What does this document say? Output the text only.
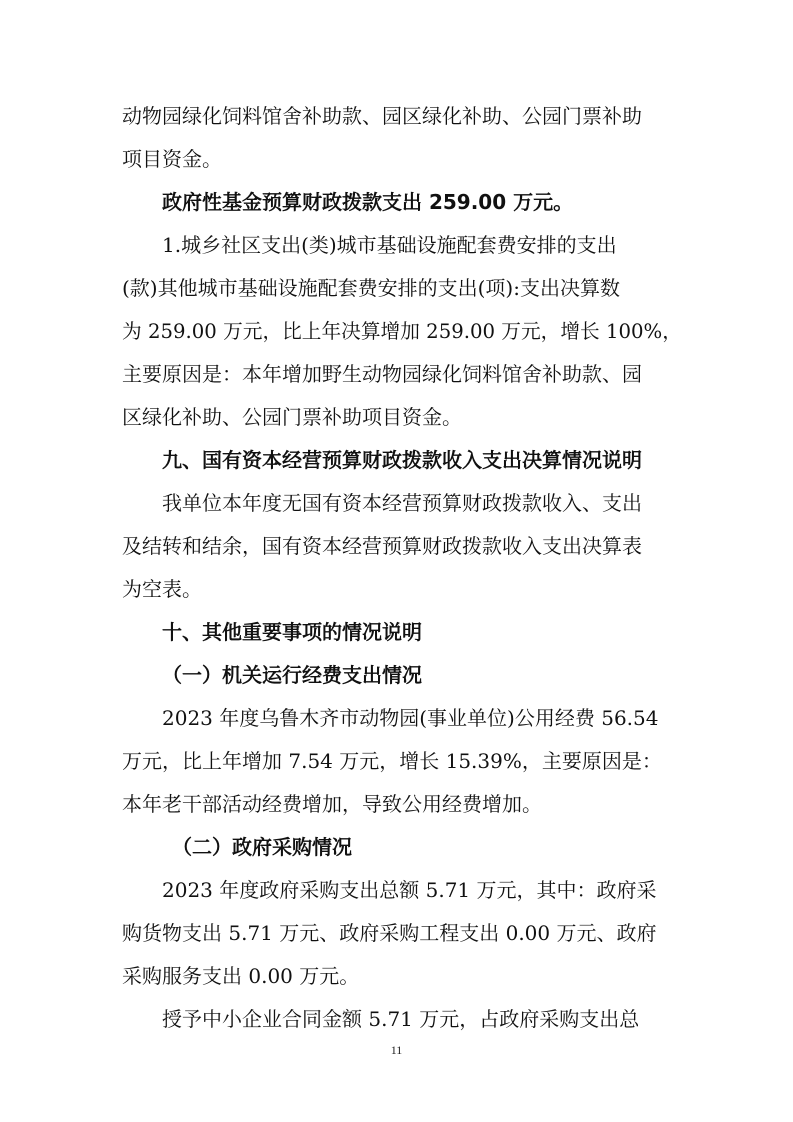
动物园绿化饲料馆舍补助款、园区绿化补助、公园门票补助
项目资金。
政府性基金预算财政拨款支出 259.00 万元。
1.城乡社区支出(类)城市基础设施配套费安排的支出
(款)其他城市基础设施配套费安排的支出(项):支出决算数
为 259.00 万元，比上年决算增加 259.00 万元，增长 100%，
主要原因是：本年增加野生动物园绿化饲料馆舍补助款、园
区绿化补助、公园门票补助项目资金。
九、国有资本经营预算财政拨款收入支出决算情况说明
我单位本年度无国有资本经营预算财政拨款收入、支出
及结转和结余，国有资本经营预算财政拨款收入支出决算表
为空表。
十、其他重要事项的情况说明
（一）机关运行经费支出情况
2023 年度乌鲁木齐市动物园(事业单位)公用经费 56.54
万元，比上年增加 7.54 万元，增长 15.39%，主要原因是：
本年老干部活动经费增加，导致公用经费增加。
（二）政府采购情况
2023 年度政府采购支出总额 5.71 万元，其中：政府采
购货物支出 5.71 万元、政府采购工程支出 0.00 万元、政府
采购服务支出 0.00 万元。
授予中小企业合同金额 5.71 万元，占政府采购支出总
11
